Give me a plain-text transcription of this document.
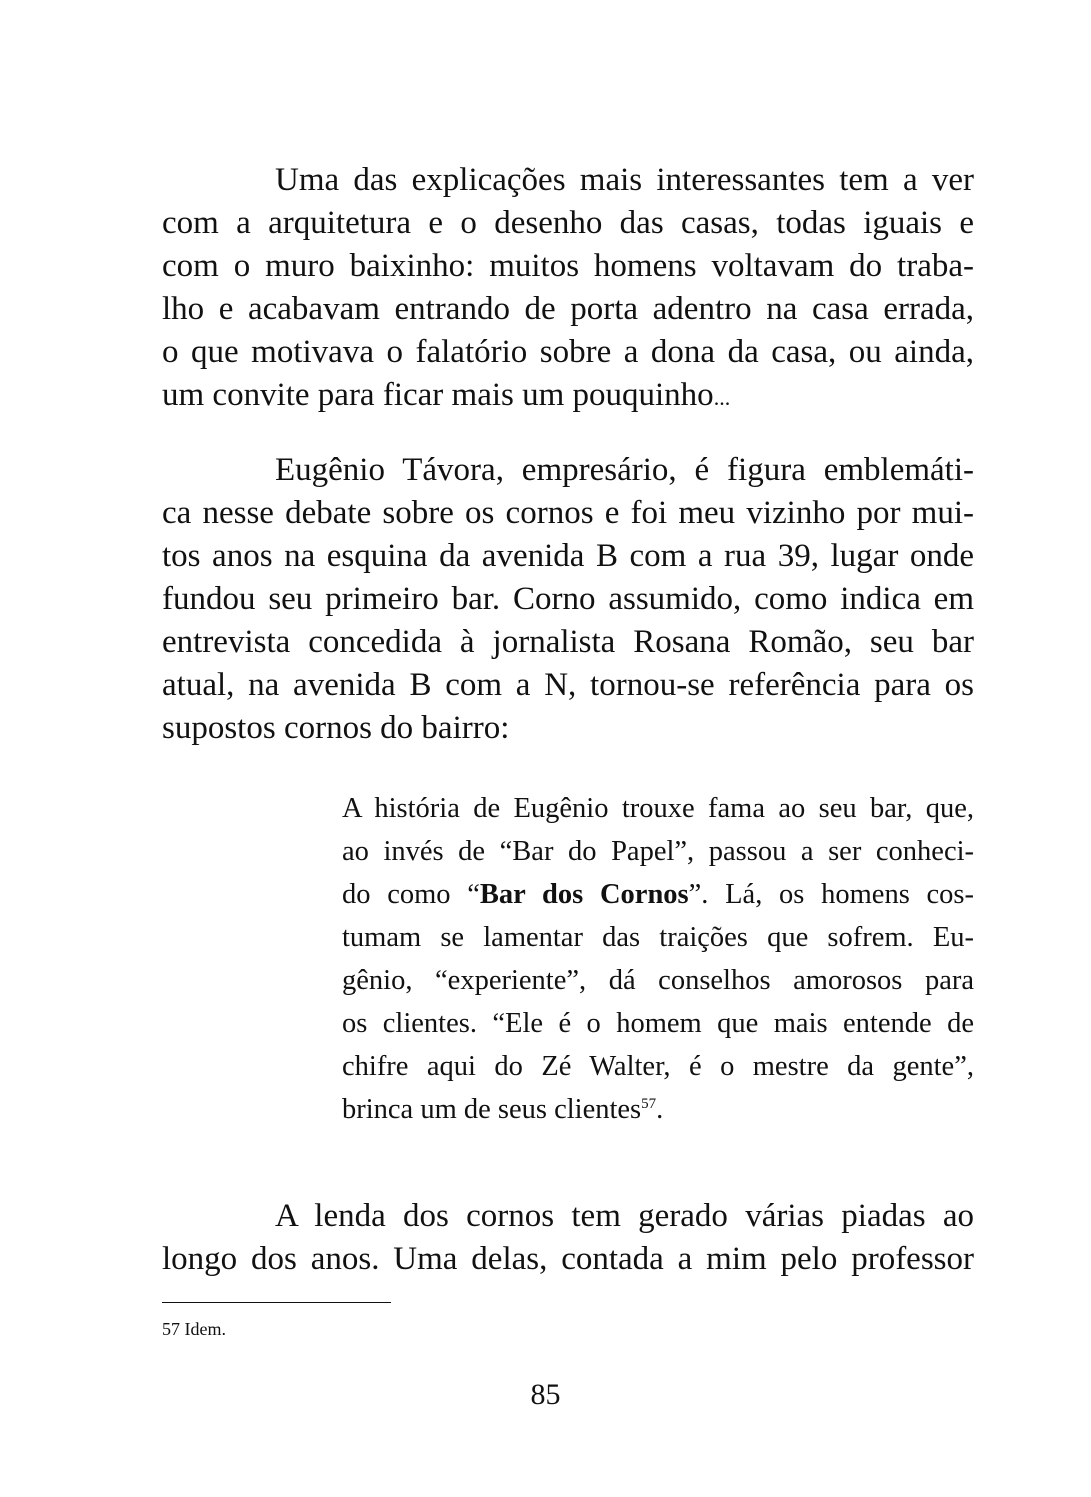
Uma das explicações mais interessantes tem a ver
com a arquitetura e o desenho das casas, todas iguais e
com o muro baixinho: muitos homens voltavam do traba-
lho e acabavam entrando de porta adentro na casa errada,
o que motivava o falatório sobre a dona da casa, ou ainda,
um convite para ficar mais um pouquinho...
Eugênio Távora, empresário, é figura emblemáti-
ca nesse debate sobre os cornos e foi meu vizinho por mui-
tos anos na esquina da avenida B com a rua 39, lugar onde
fundou seu primeiro bar. Corno assumido, como indica em
entrevista concedida à jornalista Rosana Romão, seu bar
atual, na avenida B com a N, tornou-se referência para os
supostos cornos do bairro:
A história de Eugênio trouxe fama ao seu bar, que,
ao invés de “Bar do Papel”, passou a ser conheci-
do como “Bar dos Cornos”. Lá, os homens cos-
tumam se lamentar das traições que sofrem. Eu-
gênio, “experiente”, dá conselhos amorosos para
os clientes. “Ele é o homem que mais entende de
chifre aqui do Zé Walter, é o mestre da gente”,
brinca um de seus clientes$^{57}$.
A lenda dos cornos tem gerado várias piadas ao
longo dos anos. Uma delas, contada a mim pelo professor
57 Idem.
85
